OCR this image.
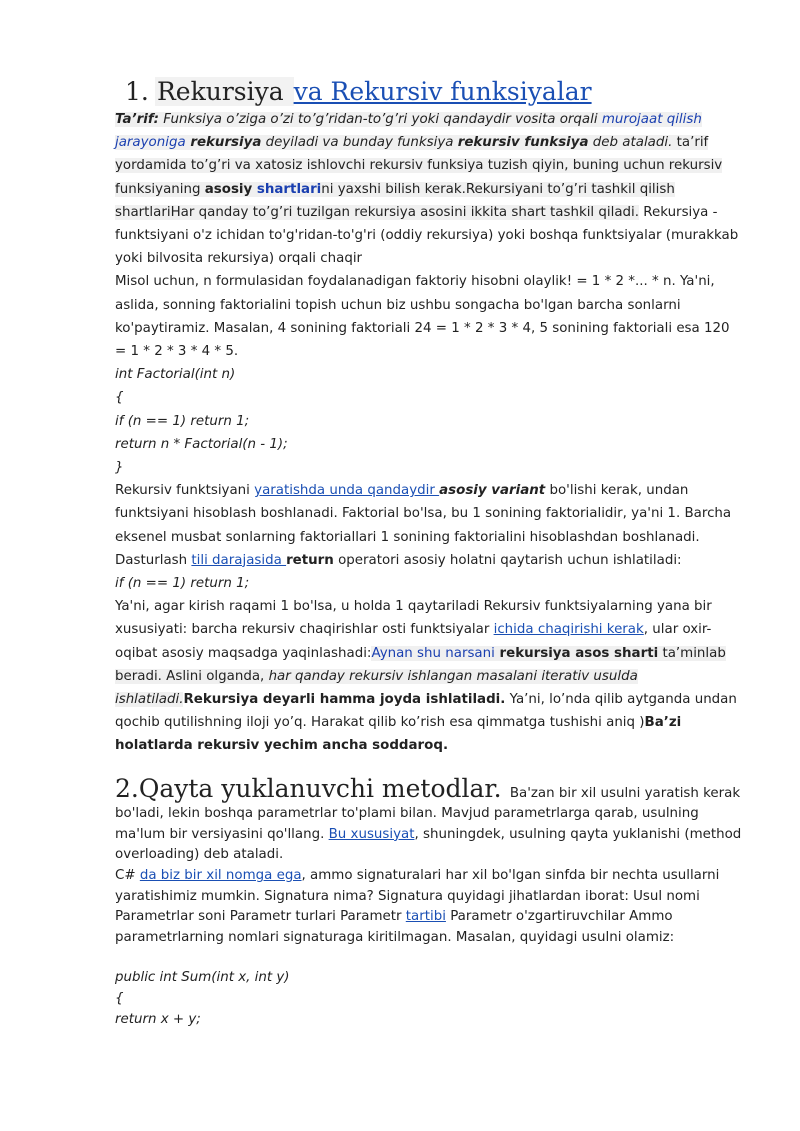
1. Rekursiya va Rekursiv funksiyalar

Ta’rif: Funksiya o’ziga o’zi to’g’ridan-to’g’ri yoki qandaydir vosita orqali murojaat qilish jarayoniga rekursiya deyiladi va bunday funksiya rekursiv funksiya deb ataladi. ta’rif yordamida to’g’ri va xatosiz ishlovchi rekursiv funksiya tuzish qiyin, buning uchun rekursiv funksiyaning asosiy shartlarini yaxshi bilish kerak.Rekursiyani to’g’ri tashkil qilish shartlariHar qanday to’g’ri tuzilgan rekursiya asosini ikkita shart tashkil qiladi. Rekursiya - funktsiyani o'z ichidan to'g'ridan-to'g'ri (oddiy rekursiya) yoki boshqa funktsiyalar (murakkab yoki bilvosita rekursiya) orqali chaqir

Misol uchun, n formulasidan foydalanadigan faktoriy hisobni olaylik! = 1 * 2 *... * n. Ya'ni, aslida, sonning faktorialini topish uchun biz ushbu songacha bo'lgan barcha sonlarni ko'paytiramiz. Masalan, 4 sonining faktoriali 24 = 1 * 2 * 3 * 4, 5 sonining faktoriali esa 120 = 1 * 2 * 3 * 4 * 5.

int Factorial(int n)

{

if (n == 1) return 1;

return n * Factorial(n - 1);

}

Rekursiv funktsiyani yaratishda unda qandaydir asosiy variant bo'lishi kerak, undan funktsiyani hisoblash boshlanadi. Faktorial bo'lsa, bu 1 sonining faktorialidir, ya'ni 1. Barcha eksenel musbat sonlarning faktoriallari 1 sonining faktorialini hisoblashdan boshlanadi.

Dasturlash tili darajasida return operatori asosiy holatni qaytarish uchun ishlatiladi:

if (n == 1) return 1;

Ya'ni, agar kirish raqami 1 bo'lsa, u holda 1 qaytariladi Rekursiv funktsiyalarning yana bir xususiyati: barcha rekursiv chaqirishlar osti funktsiyalar ichida chaqirishi kerak, ular oxir-oqibat asosiy maqsadga yaqinlashadi:Aynan shu narsani rekursiya asos sharti ta’minlab beradi. Aslini olganda, har qanday rekursiv ishlangan masalani iterativ usulda ishlatiladi.Rekursiya deyarli hamma joyda ishlatiladi. Ya’ni, lo’nda qilib aytganda undan qochib qutilishning iloji yo’q. Harakat qilib ko’rish esa qimmatga tushishi aniq )Ba’zi holatlarda rekursiv yechim ancha soddaroq.

2.Qayta yuklanuvchi metodlar. Ba'zan bir xil usulni yaratish kerak bo'ladi, lekin boshqa parametrlar to'plami bilan. Mavjud parametrlarga qarab, usulning ma'lum bir versiyasini qo'llang. Bu xususiyat, shuningdek, usulning qayta yuklanishi (method overloading) deb ataladi.

C# da biz bir xil nomga ega, ammo signaturalari har xil bo'lgan sinfda bir nechta usullarni yaratishimiz mumkin. Signatura nima? Signatura quyidagi jihatlardan iborat: Usul nomi Parametrlar soni Parametr turlari Parametr tartibi Parametr o'zgartiruvchilar Ammo parametrlarning nomlari signaturaga kiritilmagan. Masalan, quyidagi usulni olamiz:

public int Sum(int x, int y)
{
return x + y;
